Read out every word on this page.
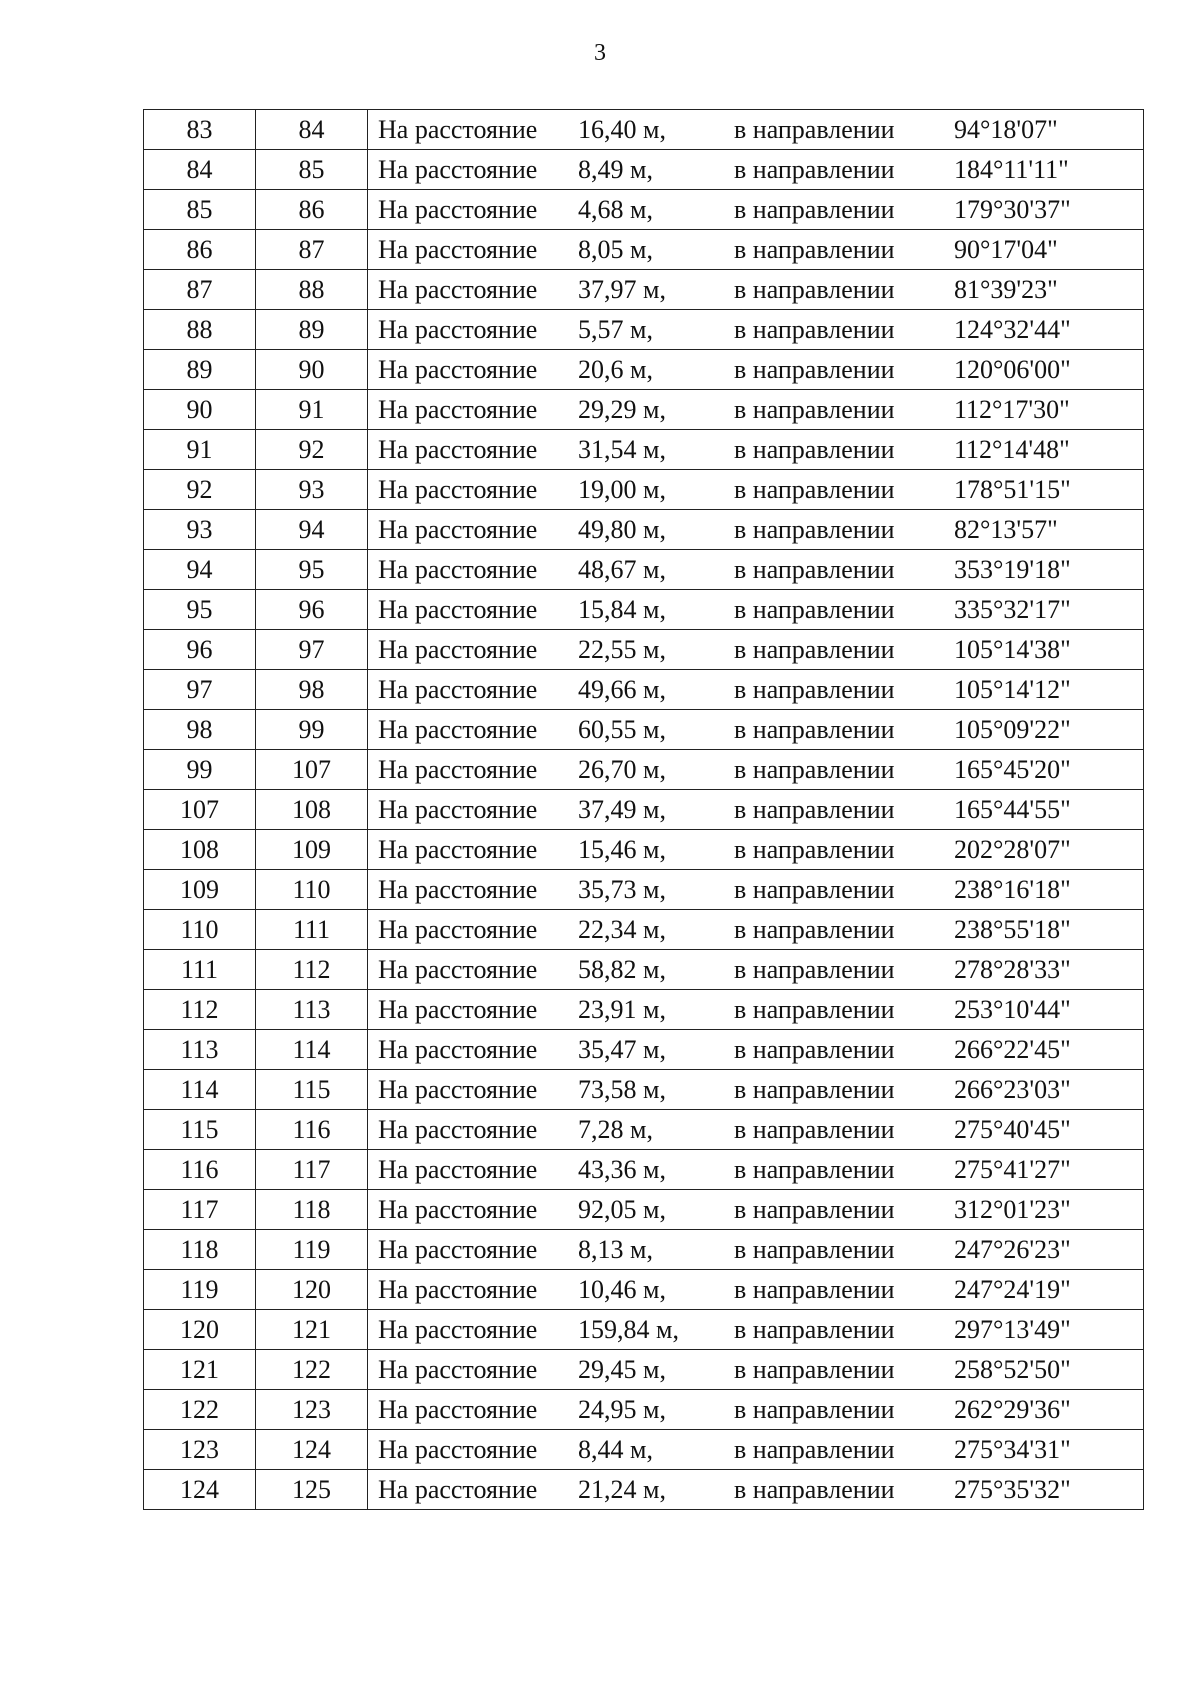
3
83	84	На расстояние 16,40 м, в направлении 94°18'07"
84	85	На расстояние 8,49 м, в направлении 184°11'11"
85	86	На расстояние 4,68 м, в направлении 179°30'37"
86	87	На расстояние 8,05 м, в направлении 90°17'04"
87	88	На расстояние 37,97 м, в направлении 81°39'23"
88	89	На расстояние 5,57 м, в направлении 124°32'44"
89	90	На расстояние 20,6 м, в направлении 120°06'00"
90	91	На расстояние 29,29 м, в направлении 112°17'30"
91	92	На расстояние 31,54 м, в направлении 112°14'48"
92	93	На расстояние 19,00 м, в направлении 178°51'15"
93	94	На расстояние 49,80 м, в направлении 82°13'57"
94	95	На расстояние 48,67 м, в направлении 353°19'18"
95	96	На расстояние 15,84 м, в направлении 335°32'17"
96	97	На расстояние 22,55 м, в направлении 105°14'38"
97	98	На расстояние 49,66 м, в направлении 105°14'12"
98	99	На расстояние 60,55 м, в направлении 105°09'22"
99	107	На расстояние 26,70 м, в направлении 165°45'20"
107	108	На расстояние 37,49 м, в направлении 165°44'55"
108	109	На расстояние 15,46 м, в направлении 202°28'07"
109	110	На расстояние 35,73 м, в направлении 238°16'18"
110	111	На расстояние 22,34 м, в направлении 238°55'18"
111	112	На расстояние 58,82 м, в направлении 278°28'33"
112	113	На расстояние 23,91 м, в направлении 253°10'44"
113	114	На расстояние 35,47 м, в направлении 266°22'45"
114	115	На расстояние 73,58 м, в направлении 266°23'03"
115	116	На расстояние 7,28 м, в направлении 275°40'45"
116	117	На расстояние 43,36 м, в направлении 275°41'27"
117	118	На расстояние 92,05 м, в направлении 312°01'23"
118	119	На расстояние 8,13 м, в направлении 247°26'23"
119	120	На расстояние 10,46 м, в направлении 247°24'19"
120	121	На расстояние 159,84 м, в направлении 297°13'49"
121	122	На расстояние 29,45 м, в направлении 258°52'50"
122	123	На расстояние 24,95 м, в направлении 262°29'36"
123	124	На расстояние 8,44 м, в направлении 275°34'31"
124	125	На расстояние 21,24 м, в направлении 275°35'32"
